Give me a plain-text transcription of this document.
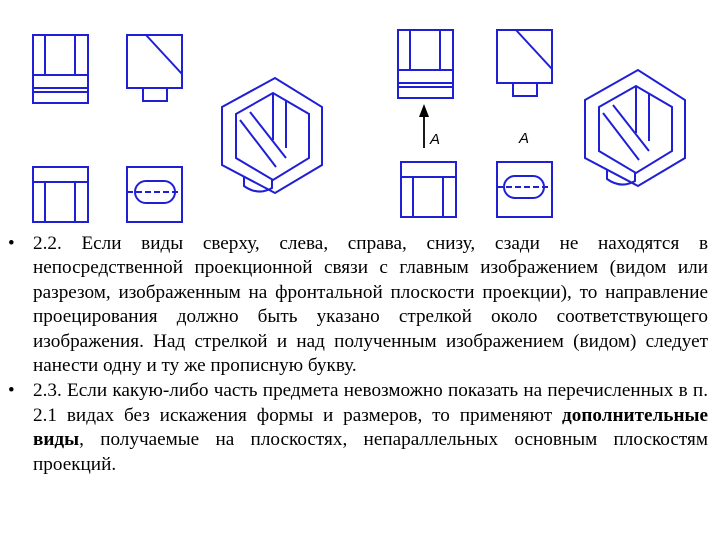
A	A
• 2.2. Если виды сверху, слева, справа, снизу, сзади не находятся в непосредственной проекционной связи с главным изображением (видом или разрезом, изображенным на фронтальной плоскости проекции), то направление проецирования должно быть указано стрелкой около соответствующего изображения. Над стрелкой и над полученным изображением (видом) следует нанести одну и ту же прописную букву.

• 2.3. Если какую-либо часть предмета невозможно показать на перечисленных в п. 2.1 видах без искажения формы и размеров, то применяют дополнительные виды, получаемые на плоскостях, непараллельных основным плоскостям проекций.
